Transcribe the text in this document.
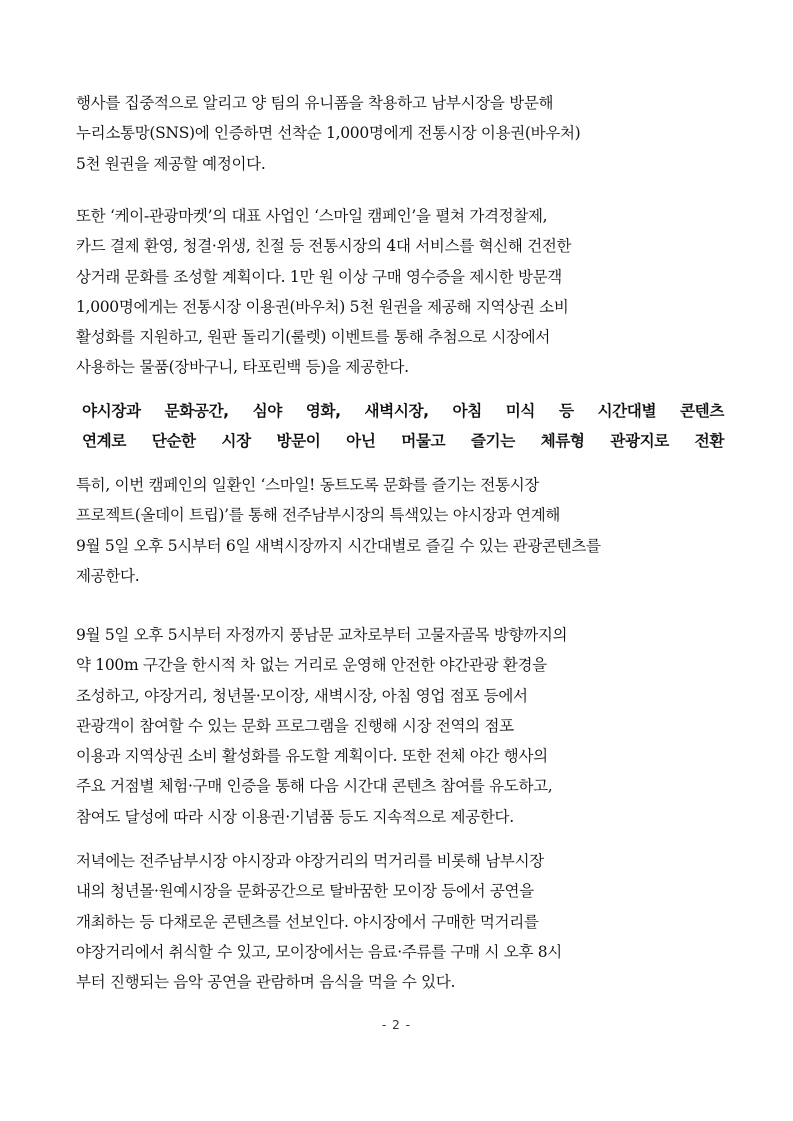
행사를 집중적으로 알리고 양 팀의 유니폼을 착용하고 남부시장을 방문해
누리소통망(SNS)에 인증하면 선착순 1,000명에게 전통시장 이용권(바우처)
5천 원권을 제공할 예정이다.

또한 ‘케이-관광마켓’의 대표 사업인 ‘스마일 캠페인’을 펼쳐 가격정찰제,
카드 결제 환영, 청결·위생, 친절 등 전통시장의 4대 서비스를 혁신해 건전한
상거래 문화를 조성할 계획이다. 1만 원 이상 구매 영수증을 제시한 방문객
1,000명에게는 전통시장 이용권(바우처) 5천 원권을 제공해 지역상권 소비
활성화를 지원하고, 원판 돌리기(룰렛) 이벤트를 통해 추첨으로 시장에서
사용하는 물품(장바구니, 타포린백 등)을 제공한다.

야시장과 문화공간, 심야 영화, 새벽시장, 아침 미식 등 시간대별 콘텐츠
연계로 단순한 시장 방문이 아닌 머물고 즐기는 체류형 관광지로 전환

특히, 이번 캠페인의 일환인 ‘스마일! 동트도록 문화를 즐기는 전통시장
프로젝트(올데이 트립)’를 통해 전주남부시장의 특색있는 야시장과 연계해
9월 5일 오후 5시부터 6일 새벽시장까지 시간대별로 즐길 수 있는 관광콘텐츠를
제공한다.

9월 5일 오후 5시부터 자정까지 풍남문 교차로부터 고물자골목 방향까지의
약 100m 구간을 한시적 차 없는 거리로 운영해 안전한 야간관광 환경을
조성하고, 야장거리, 청년몰·모이장, 새벽시장, 아침 영업 점포 등에서
관광객이 참여할 수 있는 문화 프로그램을 진행해 시장 전역의 점포
이용과 지역상권 소비 활성화를 유도할 계획이다. 또한 전체 야간 행사의
주요 거점별 체험·구매 인증을 통해 다음 시간대 콘텐츠 참여를 유도하고,
참여도 달성에 따라 시장 이용권·기념품 등도 지속적으로 제공한다.

저녁에는 전주남부시장 야시장과 야장거리의 먹거리를 비롯해 남부시장
내의 청년몰·원예시장을 문화공간으로 탈바꿈한 모이장 등에서 공연을
개최하는 등 다채로운 콘텐츠를 선보인다. 야시장에서 구매한 먹거리를
야장거리에서 취식할 수 있고, 모이장에서는 음료·주류를 구매 시 오후 8시
부터 진행되는 음악 공연을 관람하며 음식을 먹을 수 있다.

- 2 -
